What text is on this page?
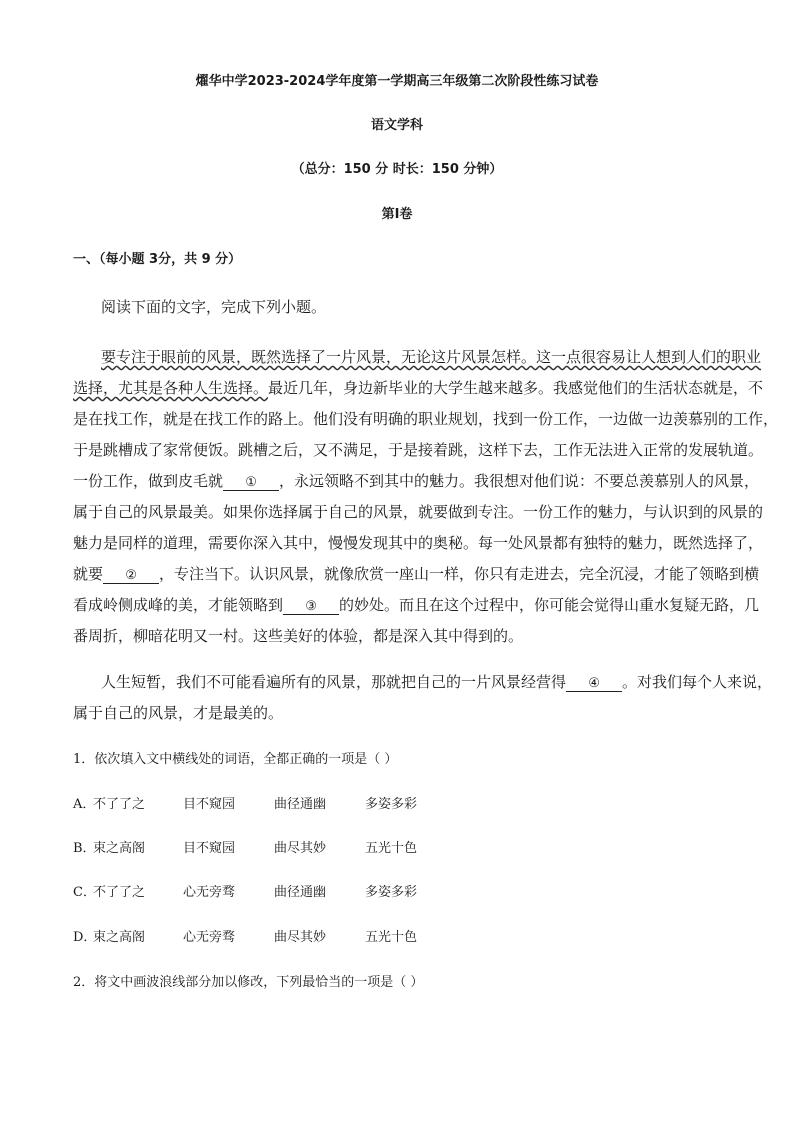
燿华中学2023-2024学年度第一学期高三年级第二次阶段性练习试卷
语文学科
（总分：150 分 时长：150 分钟）
第Ⅰ卷
一、（每小题 3分，共 9 分）
阅读下面的文字，完成下列小题。
要专注于眼前的风景，既然选择了一片风景，无论这片风景怎样。这一点很容易让人想到人们的职业
选择，尤其是各种人生选择。最近几年，身边新毕业的大学生越来越多。我感觉他们的生活状态就是，不
是在找工作，就是在找工作的路上。他们没有明确的职业规划，找到一份工作，一边做一边羡慕别的工作，
于是跳槽成了家常便饭。跳槽之后，又不满足，于是接着跳，这样下去，工作无法进入正常的发展轨道。
一份工作，做到皮毛就 ① ，永远领略不到其中的魅力。我很想对他们说：不要总羡慕别人的风景，
属于自己的风景最美。如果你选择属于自己的风景，就要做到专注。一份工作的魅力，与认识到的风景的
魅力是同样的道理，需要你深入其中，慢慢发现其中的奥秘。每一处风景都有独特的魅力，既然选择了，
就要 ② ，专注当下。认识风景，就像欣赏一座山一样，你只有走进去，完全沉浸，才能了领略到横
看成岭侧成峰的美，才能领略到 ③ 的妙处。而且在这个过程中，你可能会觉得山重水复疑无路，几
番周折，柳暗花明又一村。这些美好的体验，都是深入其中得到的。
人生短暂，我们不可能看遍所有的风景，那就把自己的一片风景经营得 ④ 。对我们每个人来说，
属于自己的风景，才是最美的。
1．依次填入文中横线处的词语，全都正确的一项是（ ）
A．
不了了之	目不窥园	曲径通幽	多姿多彩
B．
束之高阁	目不窥园	曲尽其妙	五光十色
C．
不了了之	心无旁骛	曲径通幽	多姿多彩
D．
束之高阁	心无旁骛	曲尽其妙	五光十色
2．将文中画波浪线部分加以修改，下列最恰当的一项是（ ）
